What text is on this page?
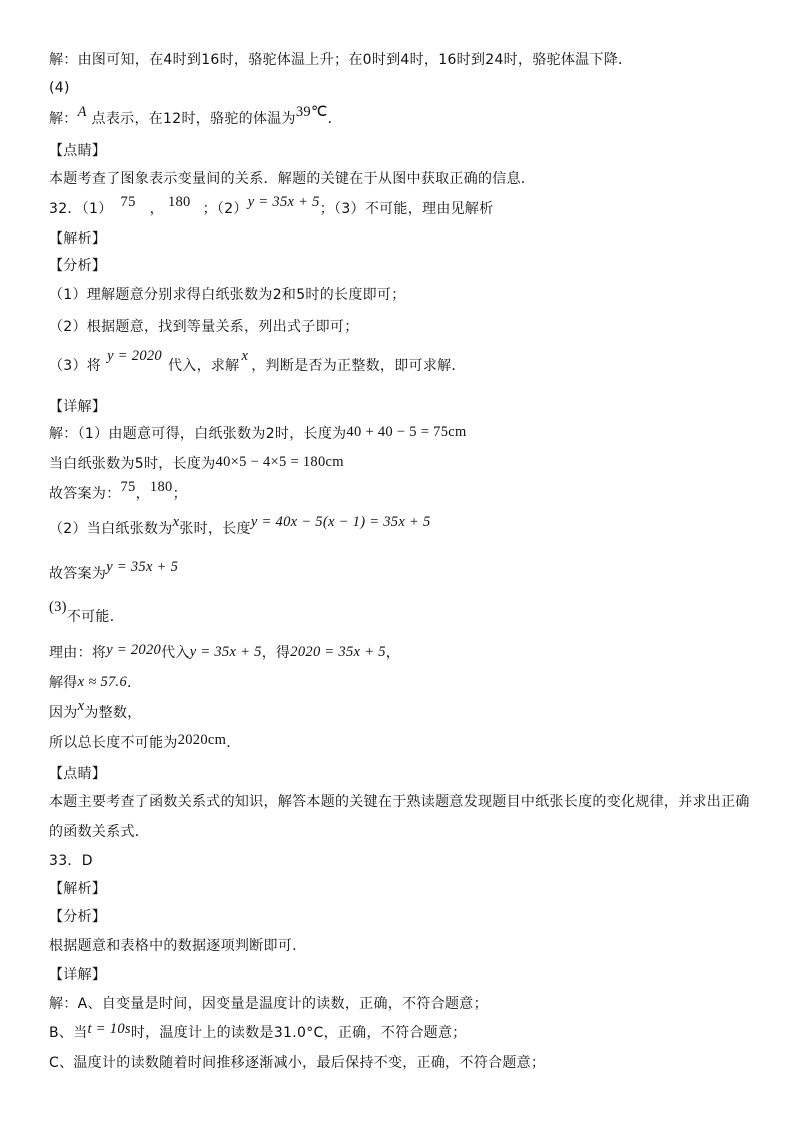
解：由图可知，在4时到16时，骆驼体温上升；在0时到4时，16时到24时，骆驼体温下降．
(4)
解：A 点表示，在12时，骆驼的体温为39℃．
【点睛】
本题考查了图象表示变量间的关系．解题的关键在于从图中获取正确的信息．
32．（1） 75 ， 180 ；（2）y = 35x + 5；（3）不可能，理由见解析
【解析】
【分析】
（1）理解题意分别求得白纸张数为2和5时的长度即可；
（2）根据题意，找到等量关系，列出式子即可；
（3）将y = 2020代入，求解x，判断是否为正整数，即可求解．
【详解】
解：（1）由题意可得，白纸张数为2时，长度为40 + 40 − 5 = 75cm
当白纸张数为5时，长度为40×5 − 4×5 = 180cm
故答案为：75，180；
（2）当白纸张数为x张时，长度y = 40x − 5(x − 1) = 35x + 5
故答案为y = 35x + 5
(3)不可能．
理由：将y = 2020代入y = 35x + 5，得2020 = 35x + 5，
解得x ≈ 57.6．
因为x为整数，
所以总长度不可能为2020cm．
【点睛】
本题主要考查了函数关系式的知识，解答本题的关键在于熟读题意发现题目中纸张长度的变化规律，并求出正确
的函数关系式．
33．D
【解析】
【分析】
根据题意和表格中的数据逐项判断即可．
【详解】
解：A、自变量是时间，因变量是温度计的读数，正确，不符合题意；
B、当t = 10s时，温度计上的读数是31.0°C，正确，不符合题意；
C、温度计的读数随着时间推移逐渐减小，最后保持不变，正确，不符合题意；
